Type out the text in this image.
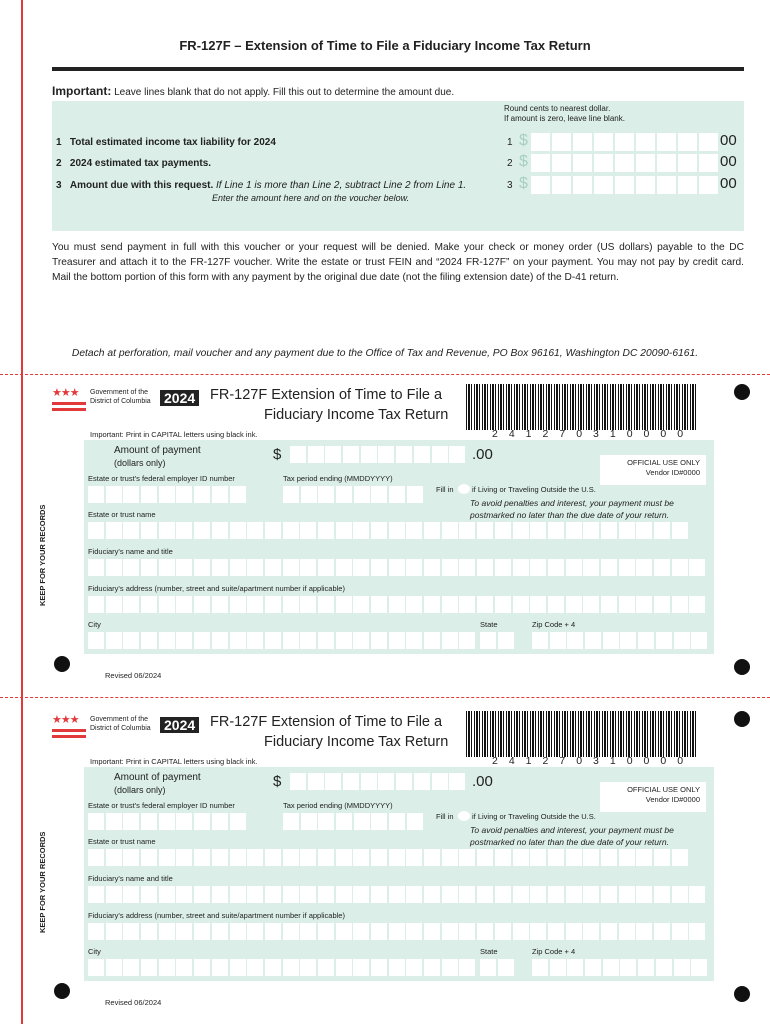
FR-127F – Extension of Time to File a Fiduciary Income Tax Return
Important: Leave lines blank that do not apply. Fill this out to determine the amount due.
Round cents to nearest dollar.
If amount is zero, leave line blank.
1 Total estimated income tax liability for 2024	1 $	00
2 2024 estimated tax payments.	2 $	00
3 Amount due with this request. If Line 1 is more than Line 2, subtract Line 2 from Line 1.
Enter the amount here and on the voucher below.
3 $	00
You must send payment in full with this voucher or your request will be denied. Make your check or money order (US dollars) payable to the DC Treasurer and attach it to the FR-127F voucher. Write the estate or trust FEIN and “2024 FR-127F” on your payment. You may not pay by credit card. Mail the bottom portion of this form with any payment by the original due date (not the filing extension date) of the D-41 return.
Detach at perforation, mail voucher and any payment due to the Office of Tax and Revenue, PO Box 96161, Washington DC 20090-6161.
★★★	Government of the
District of Columbia 2024 FR-127F Extension of Time to File a
Fiduciary Income Tax Return
241270310000
Important: Print in CAPITAL letters using black ink.
Amount of payment
(dollars only)	$	.00	OFFICIAL USE ONLY
Vendor ID#0000
KEEP FOR YOUR RECORDS
Estate or trust's federal employer ID number	Tax period ending (MMDDYYYY)
Fill in if Living or Traveling Outside the U.S.
To avoid penalties and interest, your payment must be
postmarked no later than the due date of your return.
Estate or trust name
Fiduciary's name and title
Fiduciary's address (number, street and suite/apartment number if applicable)
City	State	Zip Code + 4
Revised 06/2024
★★★	Government of the
District of Columbia 2024 FR-127F Extension of Time to File a
Fiduciary Income Tax Return
241270310000
Important: Print in CAPITAL letters using black ink.
Amount of payment
(dollars only)	$	.00	OFFICIAL USE ONLY
Vendor ID#0000
KEEP FOR YOUR RECORDS
Estate or trust's federal employer ID number	Tax period ending (MMDDYYYY)
Fill in if Living or Traveling Outside the U.S.
To avoid penalties and interest, your payment must be
postmarked no later than the due date of your return.
Estate or trust name
Fiduciary's name and title
Fiduciary's address (number, street and suite/apartment number if applicable)
City	State	Zip Code + 4
Revised 06/2024
